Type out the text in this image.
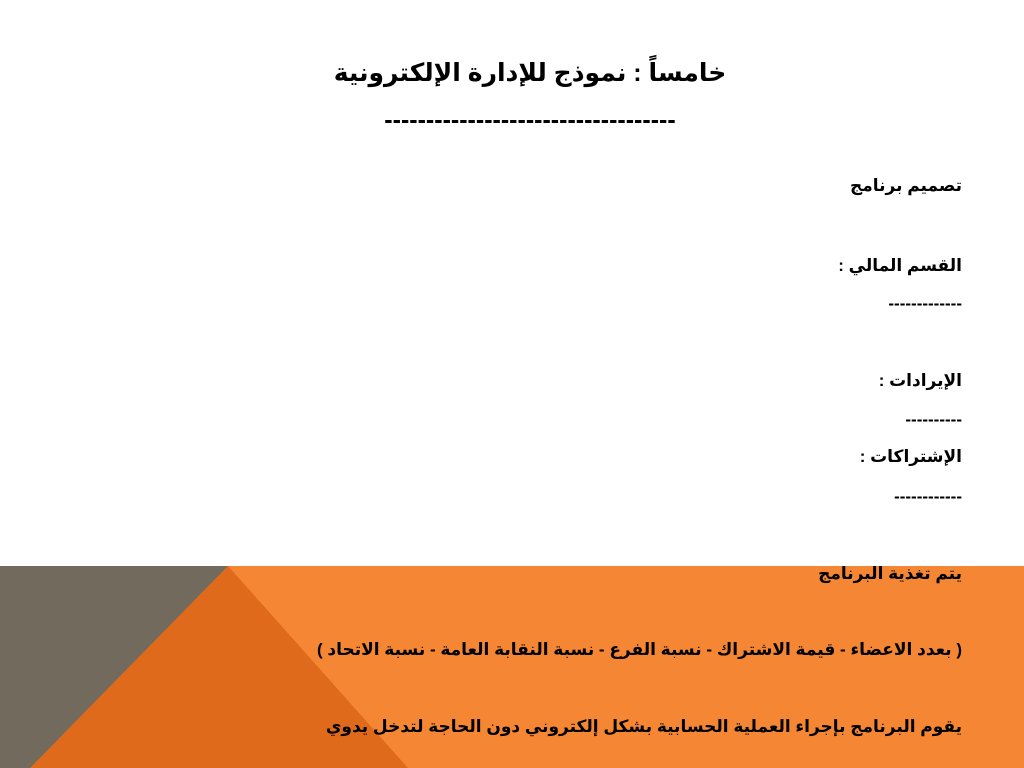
خامساً : نموذج للإدارة الإلكترونية
-----------------------------------
تصميم برنامج
القسم المالي :
-------------
الإيرادات :
----------
الإشتراكات :
------------
يتم تغذية البرنامج
( بعدد الاعضاء - قيمة الاشتراك - نسبة الفرع - نسبة النقابة العامة - نسبة الاتحاد )
يقوم البرنامج بإجراء العملية الحسابية بشكل إلكتروني دون الحاجة لتدخل يدوي
